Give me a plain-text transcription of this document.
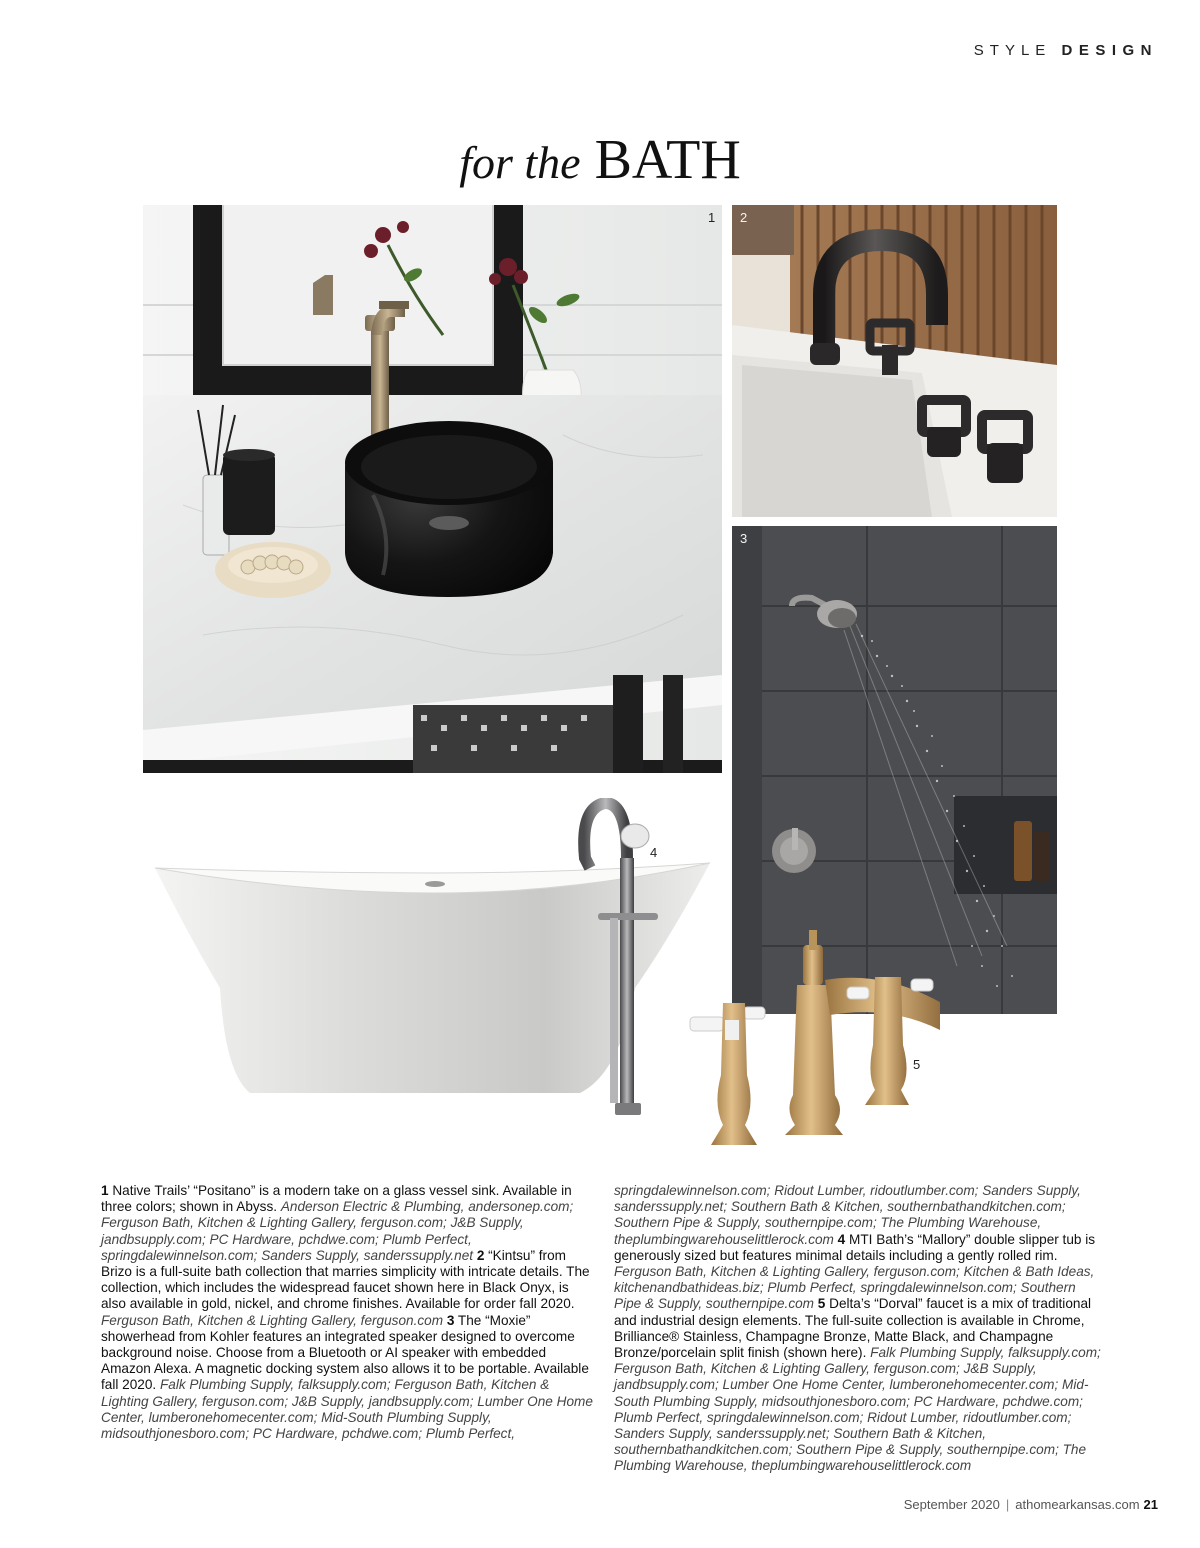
STYLE DESIGN
for the BATH
1 2
3
4
5
1 Native Trails’ “Positano” is a modern take on a glass vessel sink. Available in three colors; shown in Abyss. Anderson Electric & Plumbing, andersonep.com; Ferguson Bath, Kitchen & Lighting Gallery, ferguson.com; J&B Supply, jandbsupply.com; PC Hardware, pchdwe.com; Plumb Perfect, springdalewinnelson.com; Sanders Supply, sanderssupply.net 2 “Kintsu” from Brizo is a full-suite bath collection that marries simplicity with intricate details. The collection, which includes the widespread faucet shown here in Black Onyx, is also available in gold, nickel, and chrome finishes. Available for order fall 2020. Ferguson Bath, Kitchen & Lighting Gallery, ferguson.com 3 The “Moxie” showerhead from Kohler features an integrated speaker designed to overcome background noise. Choose from a Bluetooth or AI speaker with embedded Amazon Alexa. A magnetic docking system also allows it to be portable. Available fall 2020. Falk Plumbing Supply, falksupply.com; Ferguson Bath, Kitchen & Lighting Gallery, ferguson.com; J&B Supply, jandbsupply.com; Lumber One Home Center, lumberonehomecenter.com; Mid-South Plumbing Supply, midsouthjonesboro.com; PC Hardware, pchdwe.com; Plumb Perfect,
springdalewinnelson.com; Ridout Lumber, ridoutlumber.com; Sanders Supply, sanderssupply.net; Southern Bath & Kitchen, southernbathandkitchen.com; Southern Pipe & Supply, southernpipe.com; The Plumbing Warehouse, theplumbingwarehouselittlerock.com 4 MTI Bath’s “Mallory” double slipper tub is generously sized but features minimal details including a gently rolled rim. Ferguson Bath, Kitchen & Lighting Gallery, ferguson.com; Kitchen & Bath Ideas, kitchenandbathideas.biz; Plumb Perfect, springdalewinnelson.com; Southern Pipe & Supply, southernpipe.com 5 Delta’s “Dorval” faucet is a mix of traditional and industrial design elements. The full-suite collection is available in Chrome, Brilliance® Stainless, Champagne Bronze, Matte Black, and Champagne Bronze/porcelain split finish (shown here). Falk Plumbing Supply, falksupply.com; Ferguson Bath, Kitchen & Lighting Gallery, ferguson.com; J&B Supply, jandbsupply.com; Lumber One Home Center, lumberonehomecenter.com; Mid-South Plumbing Supply, midsouthjonesboro.com; PC Hardware, pchdwe.com; Plumb Perfect, springdalewinnelson.com; Ridout Lumber, ridoutlumber.com; Sanders Supply, sanderssupply.net; Southern Bath & Kitchen, southernbathandkitchen.com; Southern Pipe & Supply, southernpipe.com; The Plumbing Warehouse, theplumbingwarehouselittlerock.com
September 2020 | athomearkansas.com 21
